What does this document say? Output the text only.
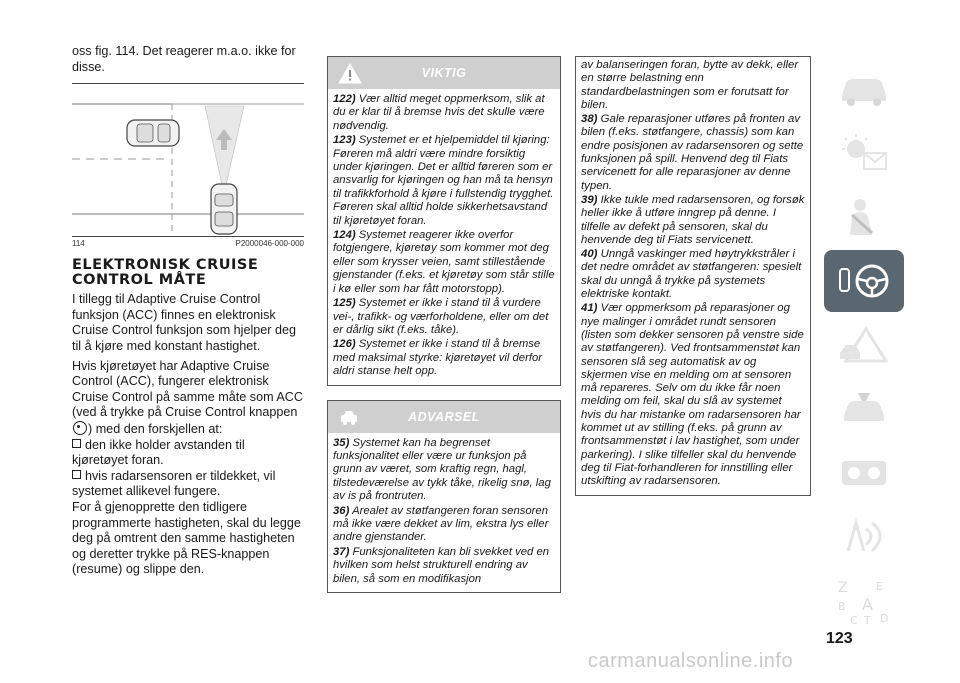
oss fig. 114. Det reagerer m.a.o. ikke for disse.

114	P2000046-000-000
ELEKTRONISK CRUISE
CONTROL MÅTE

I tillegg til Adaptive Cruise Control funksjon (ACC) finnes en elektronisk Cruise Control funksjon som hjelper deg til å kjøre med konstant hastighet.

Hvis kjøretøyet har Adaptive Cruise Control (ACC), fungerer elektronisk Cruise Control på samme måte som ACC (ved å trykke på Cruise Control knappen ) med den forskjellen at:

den ikke holder avstanden til kjøretøyet foran.

hvis radarsensoren er tildekket, vil systemet allikevel fungere.

For å gjenopprette den tidligere programmerte hastigheten, skal du legge deg på omtrent den samme hastigheten og deretter trykke på RES-knappen (resume) og slippe den.

VIKTIG

122) Vær alltid meget oppmerksom, slik at du er klar til å bremse hvis det skulle være nødvendig.

123) Systemet er et hjelpemiddel til kjøring: Føreren må aldri være mindre forsiktig under kjøringen. Det er alltid føreren som er ansvarlig for kjøringen og han må ta hensyn til trafikkforhold å kjøre i fullstendig trygghet. Føreren skal alltid holde sikkerhetsavstand til kjøretøyet foran.

124) Systemet reagerer ikke overfor fotgjengere, kjøretøy som kommer mot deg eller som krysser veien, samt stillestående gjenstander (f.eks. et kjøretøy som står stille i kø eller som har fått motorstopp).

125) Systemet er ikke i stand til å vurdere vei-, trafikk- og værforholdene, eller om det er dårlig sikt (f.eks. tåke).

126) Systemet er ikke i stand til å bremse med maksimal styrke: kjøretøyet vil derfor aldri stanse helt opp.

ADVARSEL

35) Systemet kan ha begrenset funksjonalitet eller være ur funksjon på grunn av været, som kraftig regn, hagl, tilstedeværelse av tykk tåke, rikelig snø, lag av is på frontruten.

36) Arealet av støtfangeren foran sensoren må ikke være dekket av lim, ekstra lys eller andre gjenstander.

37) Funksjonaliteten kan bli svekket ved en hvilken som helst strukturell endring av bilen, så som en modifikasjon

av balanseringen foran, bytte av dekk, eller en større belastning enn standardbelastningen som er forutsatt for bilen.

38) Gale reparasjoner utføres på fronten av bilen (f.eks. støtfangere, chassis) som kan endre posisjonen av radarsensoren og sette funksjonen på spill. Henvend deg til Fiats servicenett for alle reparasjoner av denne typen.

39) Ikke tukle med radarsensoren, og forsøk heller ikke å utføre inngrep på denne. I tilfelle av defekt på sensoren, skal du henvende deg til Fiats servicenett.

40) Unngå vaskinger med høytrykkstråler i det nedre området av støtfangeren: spesielt skal du unngå å trykke på systemets elektriske kontakt.

41) Vær oppmerksom på reparasjoner og nye malinger i området rundt sensoren (listen som dekker sensoren på venstre side av støtfangeren). Ved frontsammenstøt kan sensoren slå seg automatisk av og skjermen vise en melding om at sensoren må repareres. Selv om du ikke får noen melding om feil, skal du slå av systemet hvis du har mistanke om radarsensoren har kommet ut av stilling (f.eks. på grunn av frontsammenstøt i lav hastighet, som under parkering). I slike tilfeller skal du henvende deg til Fiat-forhandleren for innstilling eller utskifting av radarsensoren.

Z	E
B A
C T D
123
carmanualsonline.info
